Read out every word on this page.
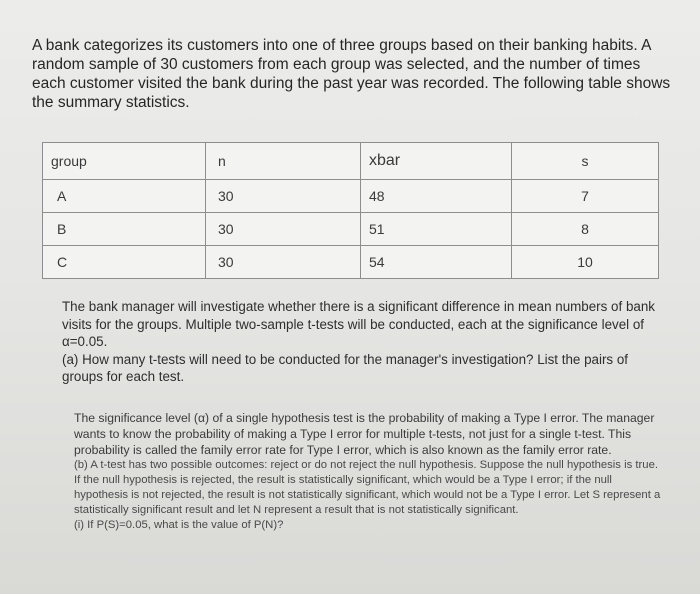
A bank categorizes its customers into one of three groups based on their banking habits. A random sample of 30 customers from each group was selected, and the number of times each customer visited the bank during the past year was recorded. The following table shows the summary statistics.

group	n	xbar	s
A	30	48	7
B	30	51	8
C	30	54	10

The bank manager will investigate whether there is a significant difference in mean numbers of bank visits for the groups. Multiple two-sample t-tests will be conducted, each at the significance level of α=0.05.

(a) How many t-tests will need to be conducted for the manager's investigation? List the pairs of groups for each test.

The significance level (α) of a single hypothesis test is the probability of making a Type I error. The manager wants to know the probability of making a Type I error for multiple t-tests, not just for a single t-test. This probability is called the family error rate for Type I error, which is also known as the family error rate.

(b) A t-test has two possible outcomes: reject or do not reject the null hypothesis. Suppose the null hypothesis is true. If the null hypothesis is rejected, the result is statistically significant, which would be a Type I error; if the null hypothesis is not rejected, the result is not statistically significant, which would not be a Type I error. Let S represent a statistically significant result and let N represent a result that is not statistically significant.

(i) If P(S)=0.05, what is the value of P(N)?
